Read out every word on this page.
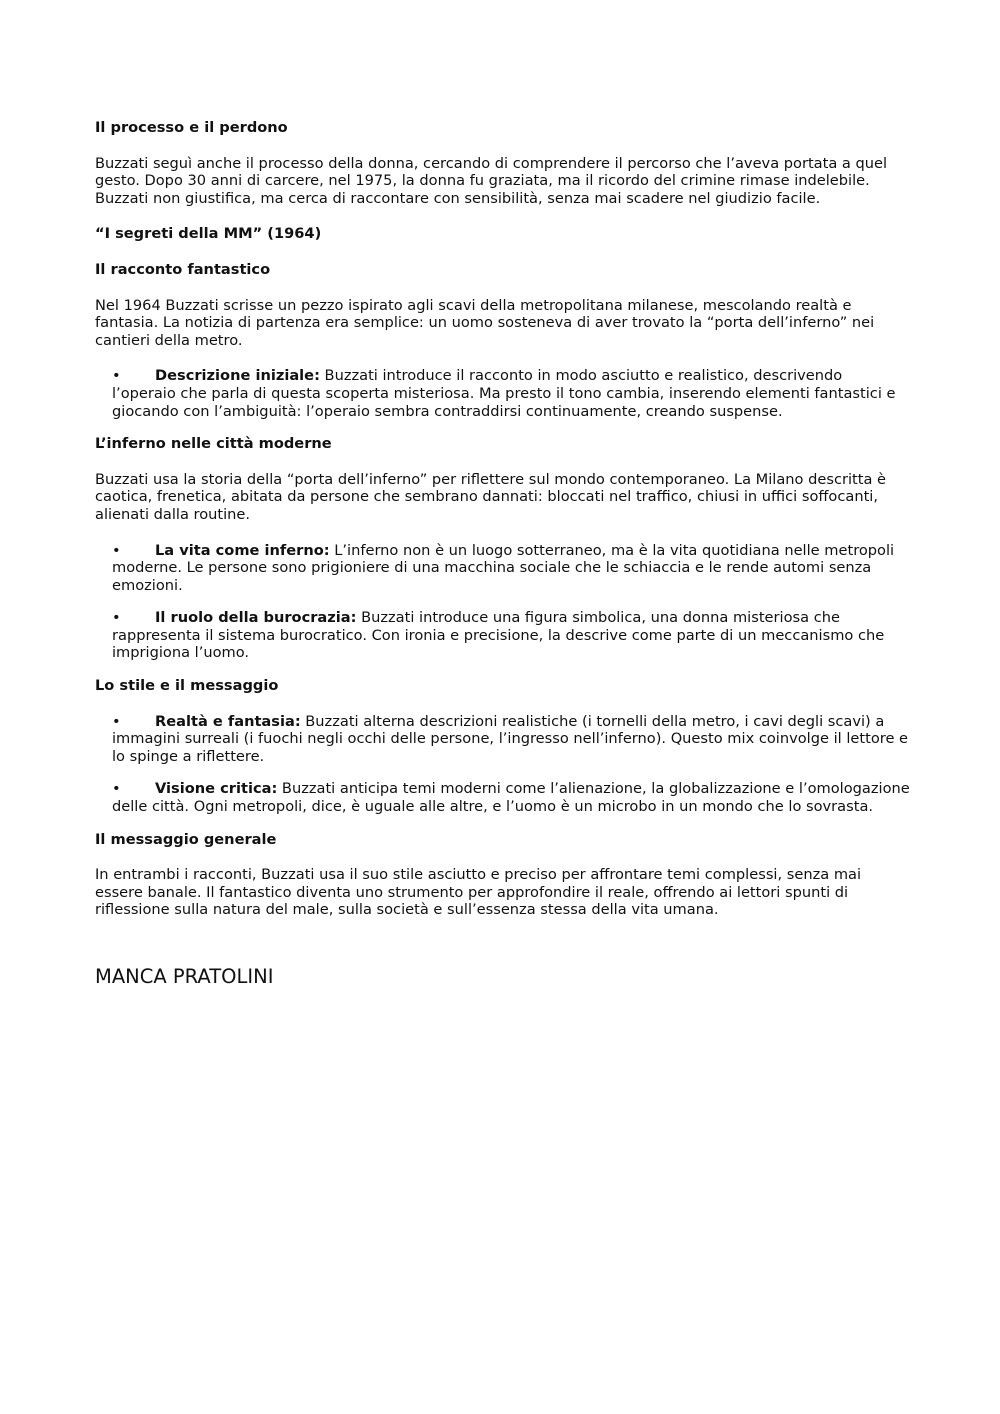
Il processo e il perdono
Buzzati seguì anche il processo della donna, cercando di comprendere il percorso che l’aveva portata a quel gesto. Dopo 30 anni di carcere, nel 1975, la donna fu graziata, ma il ricordo del crimine rimase indelebile. Buzzati non giustifica, ma cerca di raccontare con sensibilità, senza mai scadere nel giudizio facile.
“I segreti della MM” (1964)
Il racconto fantastico
Nel 1964 Buzzati scrisse un pezzo ispirato agli scavi della metropolitana milanese, mescolando realtà e fantasia. La notizia di partenza era semplice: un uomo sosteneva di aver trovato la “porta dell’inferno” nei cantieri della metro.
• Descrizione iniziale: Buzzati introduce il racconto in modo asciutto e realistico, descrivendo l’operaio che parla di questa scoperta misteriosa. Ma presto il tono cambia, inserendo elementi fantastici e giocando con l’ambiguità: l’operaio sembra contraddirsi continuamente, creando suspense.
L’inferno nelle città moderne
Buzzati usa la storia della “porta dell’inferno” per riflettere sul mondo contemporaneo. La Milano descritta è caotica, frenetica, abitata da persone che sembrano dannati: bloccati nel traffico, chiusi in uffici soffocanti, alienati dalla routine.
• La vita come inferno: L’inferno non è un luogo sotterraneo, ma è la vita quotidiana nelle metropoli moderne. Le persone sono prigioniere di una macchina sociale che le schiaccia e le rende automi senza emozioni.
• Il ruolo della burocrazia: Buzzati introduce una figura simbolica, una donna misteriosa che rappresenta il sistema burocratico. Con ironia e precisione, la descrive come parte di un meccanismo che imprigiona l’uomo.
Lo stile e il messaggio
• Realtà e fantasia: Buzzati alterna descrizioni realistiche (i tornelli della metro, i cavi degli scavi) a immagini surreali (i fuochi negli occhi delle persone, l’ingresso nell’inferno). Questo mix coinvolge il lettore e lo spinge a riflettere.
• Visione critica: Buzzati anticipa temi moderni come l’alienazione, la globalizzazione e l’omologazione delle città. Ogni metropoli, dice, è uguale alle altre, e l’uomo è un microbo in un mondo che lo sovrasta.
Il messaggio generale
In entrambi i racconti, Buzzati usa il suo stile asciutto e preciso per affrontare temi complessi, senza mai essere banale. Il fantastico diventa uno strumento per approfondire il reale, offrendo ai lettori spunti di riflessione sulla natura del male, sulla società e sull’essenza stessa della vita umana.
MANCA PRATOLINI
